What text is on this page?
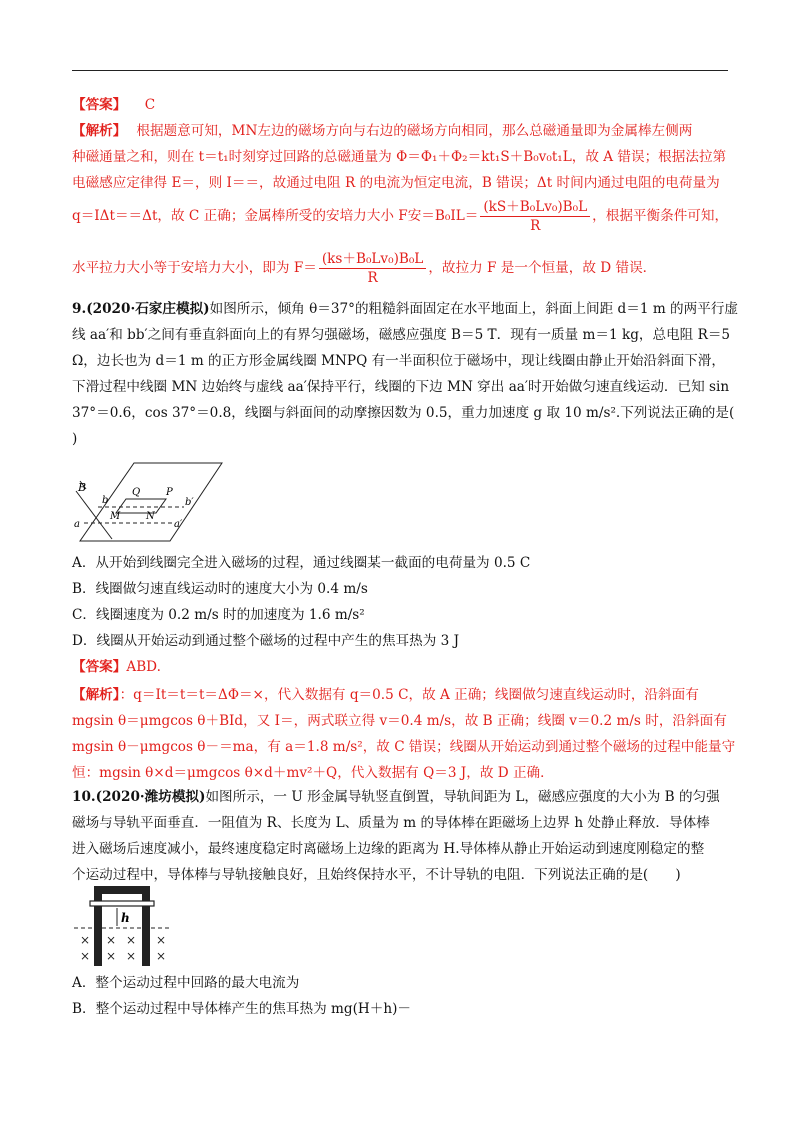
【答案】 C
【解析】 根据题意可知，MN左边的磁场方向与右边的磁场方向相同，那么总磁通量即为金属棒左侧两
种磁通量之和，则在 t＝t₁时刻穿过回路的总磁通量为 Φ＝Φ₁＋Φ₂＝kt₁S＋B₀v₀t₁L，故 A 错误；根据法拉第
电磁感应定律得 E＝，则 I＝＝，故通过电阻 R 的电流为恒定电流，B 错误；Δt 时间内通过电阻的电荷量为
q＝IΔt＝＝Δt，故 C 正确；金属棒所受的安培力大小 F安$=B_0IL= \frac{\text{(kS＋B₀Lv₀)B₀L}}{R}$ ，根据平衡条件可知，
水平拉力大小等于安培力大小，即为 $F= \frac{\text{(ks＋B₀Lv₀)B₀L}}{R}$ ，故拉力 F 是一个恒量，故 D 错误．
9.(2020·石家庄模拟)如图所示，倾角 θ＝37°的粗糙斜面固定在水平地面上，斜面上间距 d＝1 m 的两平行虚
线 aa′和 bb′之间有垂直斜面向上的有界匀强磁场，磁感应强度 B＝5 T．现有一质量 m＝1 kg，总电阻 R＝5
Ω，边长也为 d＝1 m 的正方形金属线圈 MNPQ 有一半面积位于磁场中，现让线圈由静止开始沿斜面下滑，
下滑过程中线圈 MN 边始终与虚线 aa′保持平行，线圈的下边 MN 穿出 aa′时开始做匀速直线运动．已知 sin
37°＝0.6，cos 37°＝0.8，线圈与斜面间的动摩擦因数为 0.5，重力加速度 g 取 10 m/s².下列说法正确的是(
)
B
b
Q	P
b′
M	N
a	a′
A．从开始到线圈完全进入磁场的过程，通过线圈某一截面的电荷量为 0.5 C
B．线圈做匀速直线运动时的速度大小为 0.4 m/s
C．线圈速度为 0.2 m/s 时的加速度为 1.6 m/s²
D．线圈从开始运动到通过整个磁场的过程中产生的焦耳热为 3 J
【答案】ABD.
【解析】：q＝It＝t＝t＝ΔΦ＝×，代入数据有 q＝0.5 C，故 A 正确；线圈做匀速直线运动时，沿斜面有
mgsin θ＝μmgcos θ＋BId，又 I＝，两式联立得 v＝0.4 m/s，故 B 正确；线圈 v＝0.2 m/s 时，沿斜面有
mgsin θ－μmgcos θ－＝ma，有 a＝1.8 m/s²，故 C 错误；线圈从开始运动到通过整个磁场的过程中能量守
恒：mgsin θ×d＝μmgcos θ×d＋mv²＋Q，代入数据有 Q＝3 J，故 D 正确．
10.(2020·潍坊模拟)如图所示，一 U 形金属导轨竖直倒置，导轨间距为 L，磁感应强度的大小为 B 的匀强
磁场与导轨平面垂直．一阻值为 R、长度为 L、质量为 m 的导体棒在距磁场上边界 h 处静止释放．导体棒
进入磁场后速度减小，最终速度稳定时离磁场上边缘的距离为 H.导体棒从静止开始运动到速度刚稳定的整
个运动过程中，导体棒与导轨接触良好，且始终保持水平，不计导轨的电阻．下列说法正确的是(　　)
h
× × × ×
× × × ×
A．整个运动过程中回路的最大电流为
B．整个运动过程中导体棒产生的焦耳热为 mg(H＋h)－
